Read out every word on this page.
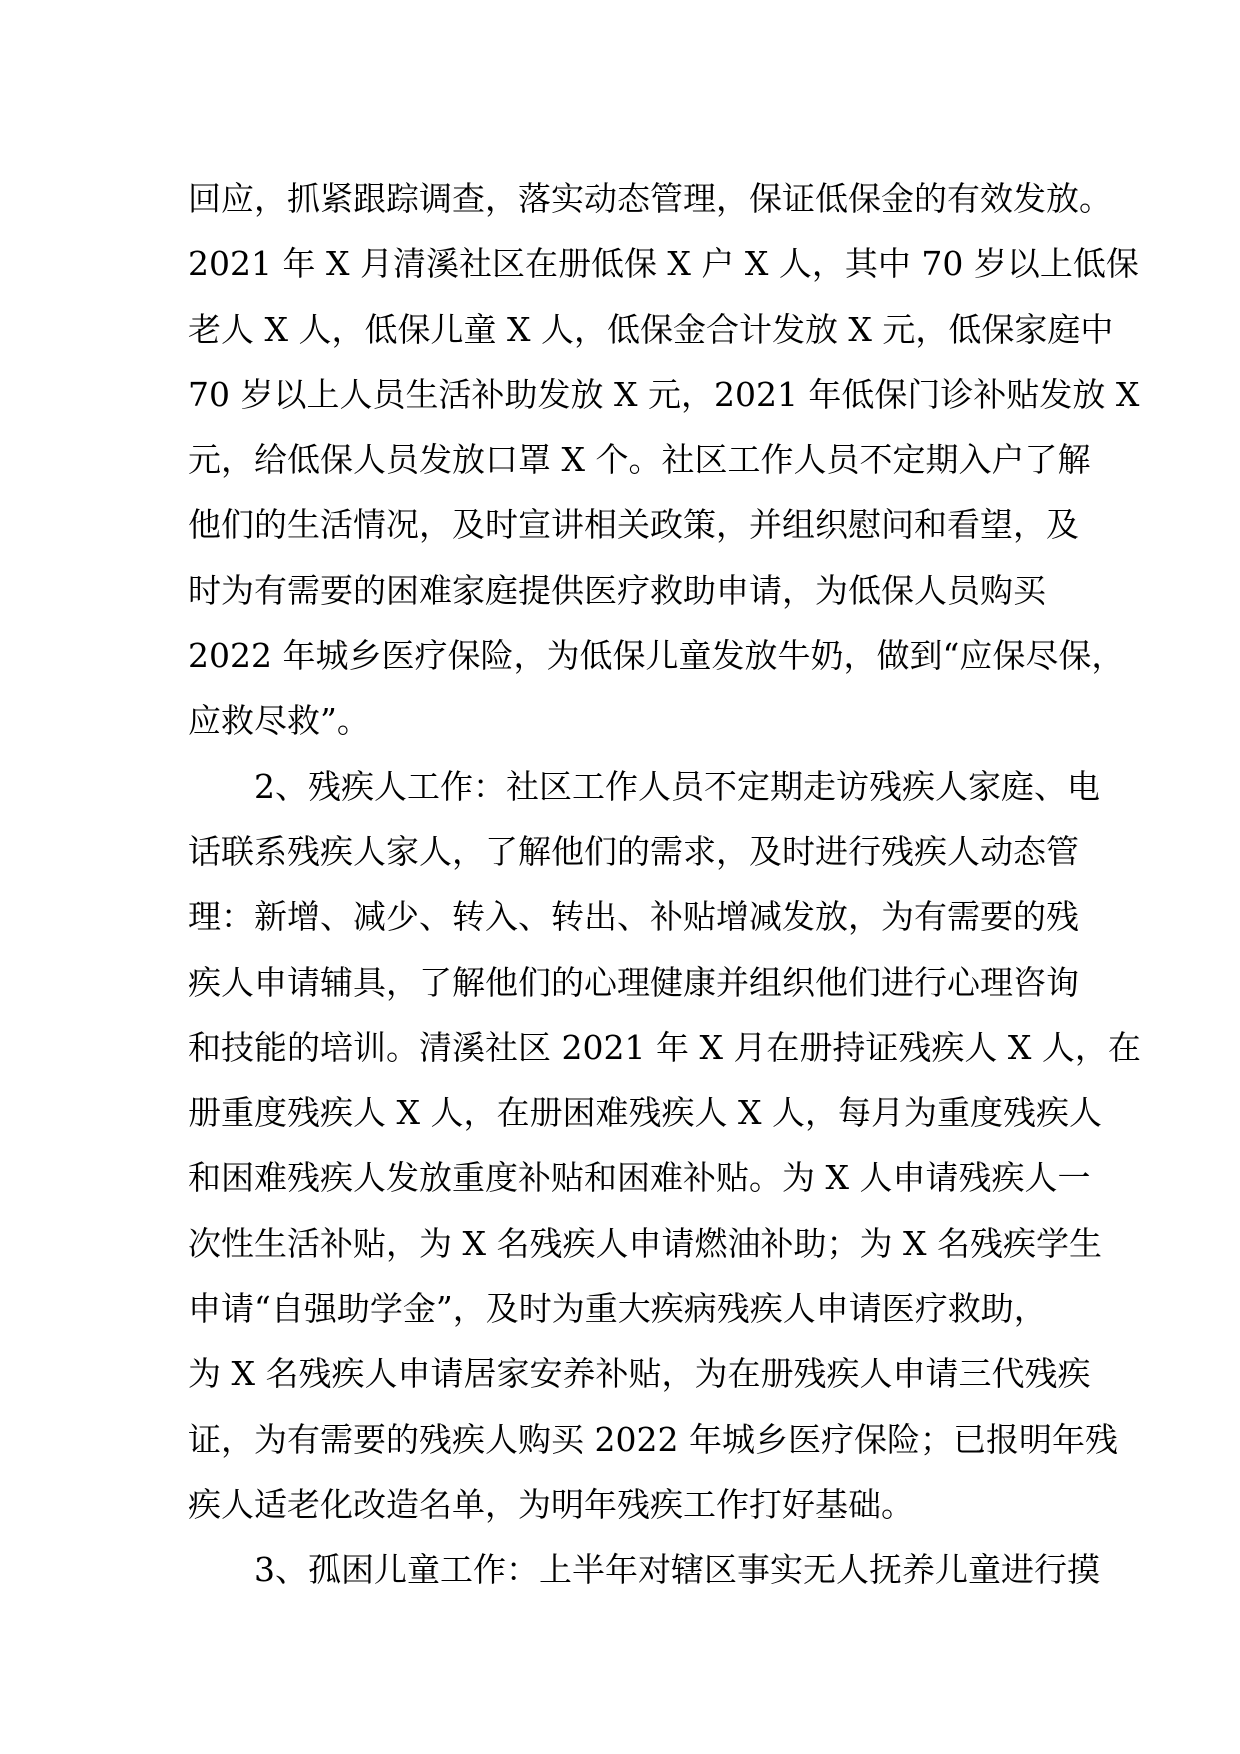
回应，抓紧跟踪调查，落实动态管理，保证低保金的有效发放。
2021 年 X 月清溪社区在册低保 X 户 X 人，其中 70 岁以上低保
老人 X 人，低保儿童 X 人，低保金合计发放 X 元，低保家庭中
70 岁以上人员生活补助发放 X 元，2021 年低保门诊补贴发放 X
元，给低保人员发放口罩 X 个。社区工作人员不定期入户了解
他们的生活情况，及时宣讲相关政策，并组织慰问和看望，及
时为有需要的困难家庭提供医疗救助申请，为低保人员购买
2022 年城乡医疗保险，为低保儿童发放牛奶，做到“应保尽保，
应救尽救”。
　　2、残疾人工作：社区工作人员不定期走访残疾人家庭、电
话联系残疾人家人，了解他们的需求，及时进行残疾人动态管
理：新增、减少、转入、转出、补贴增减发放，为有需要的残
疾人申请辅具，了解他们的心理健康并组织他们进行心理咨询
和技能的培训。清溪社区 2021 年 X 月在册持证残疾人 X 人，在
册重度残疾人 X 人，在册困难残疾人 X 人，每月为重度残疾人
和困难残疾人发放重度补贴和困难补贴。为 X 人申请残疾人一
次性生活补贴，为 X 名残疾人申请燃油补助；为 X 名残疾学生
申请“自强助学金”，及时为重大疾病残疾人申请医疗救助，
为 X 名残疾人申请居家安养补贴，为在册残疾人申请三代残疾
证，为有需要的残疾人购买 2022 年城乡医疗保险；已报明年残
疾人适老化改造名单，为明年残疾工作打好基础。
　　3、孤困儿童工作：上半年对辖区事实无人抚养儿童进行摸
